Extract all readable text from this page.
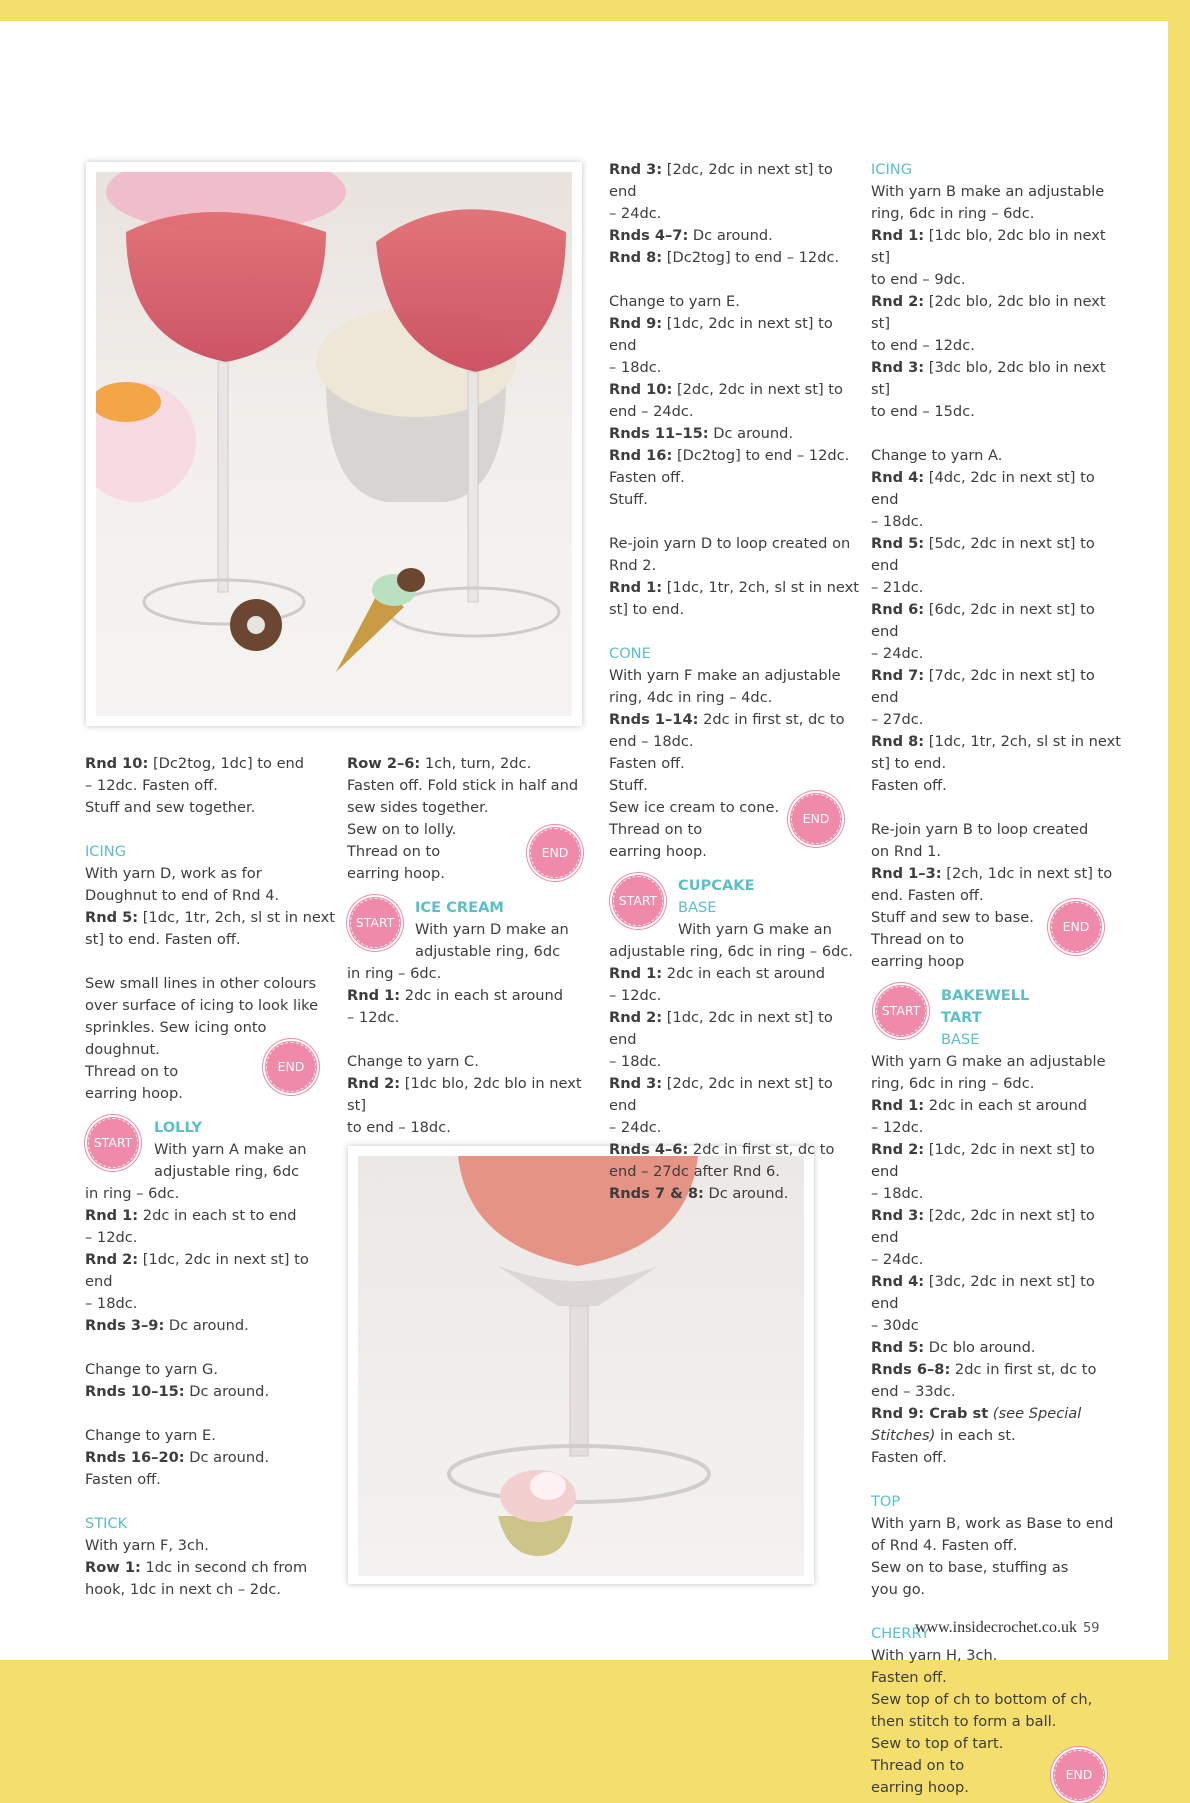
Rnd 10: [Dc2tog, 1dc] to end
– 12dc. Fasten off.
Stuff and sew together.
ICING
With yarn D, work as for
Doughnut to end of Rnd 4.
Rnd 5: [1dc, 1tr, 2ch, sl st in next
st] to end. Fasten off.
Sew small lines in other colours
over surface of icing to look like
sprinkles. Sew icing onto
doughnut.
Thread on to
earring hoop.
END
START
LOLLY
With yarn A make an
adjustable ring, 6dc
in ring – 6dc.
Rnd 1: 2dc in each st to end
– 12dc.
Rnd 2: [1dc, 2dc in next st] to end
– 18dc.
Rnds 3–9: Dc around.
Change to yarn G.
Rnds 10–15: Dc around.
Change to yarn E.
Rnds 16–20: Dc around.
Fasten off.
STICK
With yarn F, 3ch.
Row 1: 1dc in second ch from
hook, 1dc in next ch – 2dc.
Row 2–6: 1ch, turn, 2dc.
Fasten off. Fold stick in half and
sew sides together.
Sew on to lolly.
Thread on to
earring hoop.
END
START
ICE CREAM
With yarn D make an
adjustable ring, 6dc
in ring – 6dc.
Rnd 1: 2dc in each st around
– 12dc.
Change to yarn C.
Rnd 2: [1dc blo, 2dc blo in next st]
to end – 18dc.
Rnd 3: [2dc, 2dc in next st] to end
– 24dc.
Rnds 4–7: Dc around.
Rnd 8: [Dc2tog] to end – 12dc.
Change to yarn E.
Rnd 9: [1dc, 2dc in next st] to end
– 18dc.
Rnd 10: [2dc, 2dc in next st] to
end – 24dc.
Rnds 11–15: Dc around.
Rnd 16: [Dc2tog] to end – 12dc.
Fasten off.
Stuff.
Re-join yarn D to loop created on
Rnd 2.
Rnd 1: [1dc, 1tr, 2ch, sl st in next
st] to end.
CONE
With yarn F make an adjustable
ring, 4dc in ring – 4dc.
Rnds 1–14: 2dc in first st, dc to
end – 18dc.
Fasten off.
Stuff.
Sew ice cream to cone.
Thread on to
earring hoop.
END
START
CUPCAKE
BASE
With yarn G make an
adjustable ring, 6dc in ring – 6dc.
Rnd 1: 2dc in each st around
– 12dc.
Rnd 2: [1dc, 2dc in next st] to end
– 18dc.
Rnd 3: [2dc, 2dc in next st] to end
– 24dc.
Rnds 4–6: 2dc in first st, dc to
end – 27dc after Rnd 6.
Rnds 7 & 8: Dc around.
ICING
With yarn B make an adjustable
ring, 6dc in ring – 6dc.
Rnd 1: [1dc blo, 2dc blo in next st]
to end – 9dc.
Rnd 2: [2dc blo, 2dc blo in next st]
to end – 12dc.
Rnd 3: [3dc blo, 2dc blo in next st]
to end – 15dc.
Change to yarn A.
Rnd 4: [4dc, 2dc in next st] to end
– 18dc.
Rnd 5: [5dc, 2dc in next st] to end
– 21dc.
Rnd 6: [6dc, 2dc in next st] to end
– 24dc.
Rnd 7: [7dc, 2dc in next st] to end
– 27dc.
Rnd 8: [1dc, 1tr, 2ch, sl st in next
st] to end.
Fasten off.
Re-join yarn B to loop created
on Rnd 1.
Rnd 1–3: [2ch, 1dc in next st] to
end. Fasten off.
Stuff and sew to base.
Thread on to
earring hoop
END
START
BAKEWELL
TART
BASE
With yarn G make an adjustable
ring, 6dc in ring – 6dc.
Rnd 1: 2dc in each st around
– 12dc.
Rnd 2: [1dc, 2dc in next st] to end
– 18dc.
Rnd 3: [2dc, 2dc in next st] to end
– 24dc.
Rnd 4: [3dc, 2dc in next st] to end
– 30dc
Rnd 5: Dc blo around.
Rnds 6–8: 2dc in first st, dc to
end – 33dc.
Rnd 9: Crab st (see Special
Stitches) in each st.
Fasten off.
TOP
With yarn B, work as Base to end
of Rnd 4. Fasten off.
Sew on to base, stuffing as
you go.
CHERRY
With yarn H, 3ch.
Fasten off.
Sew top of ch to bottom of ch,
then stitch to form a ball.
Sew to top of tart.
Thread on to
earring hoop.
END
www.insidecrochet.co.uk 59
